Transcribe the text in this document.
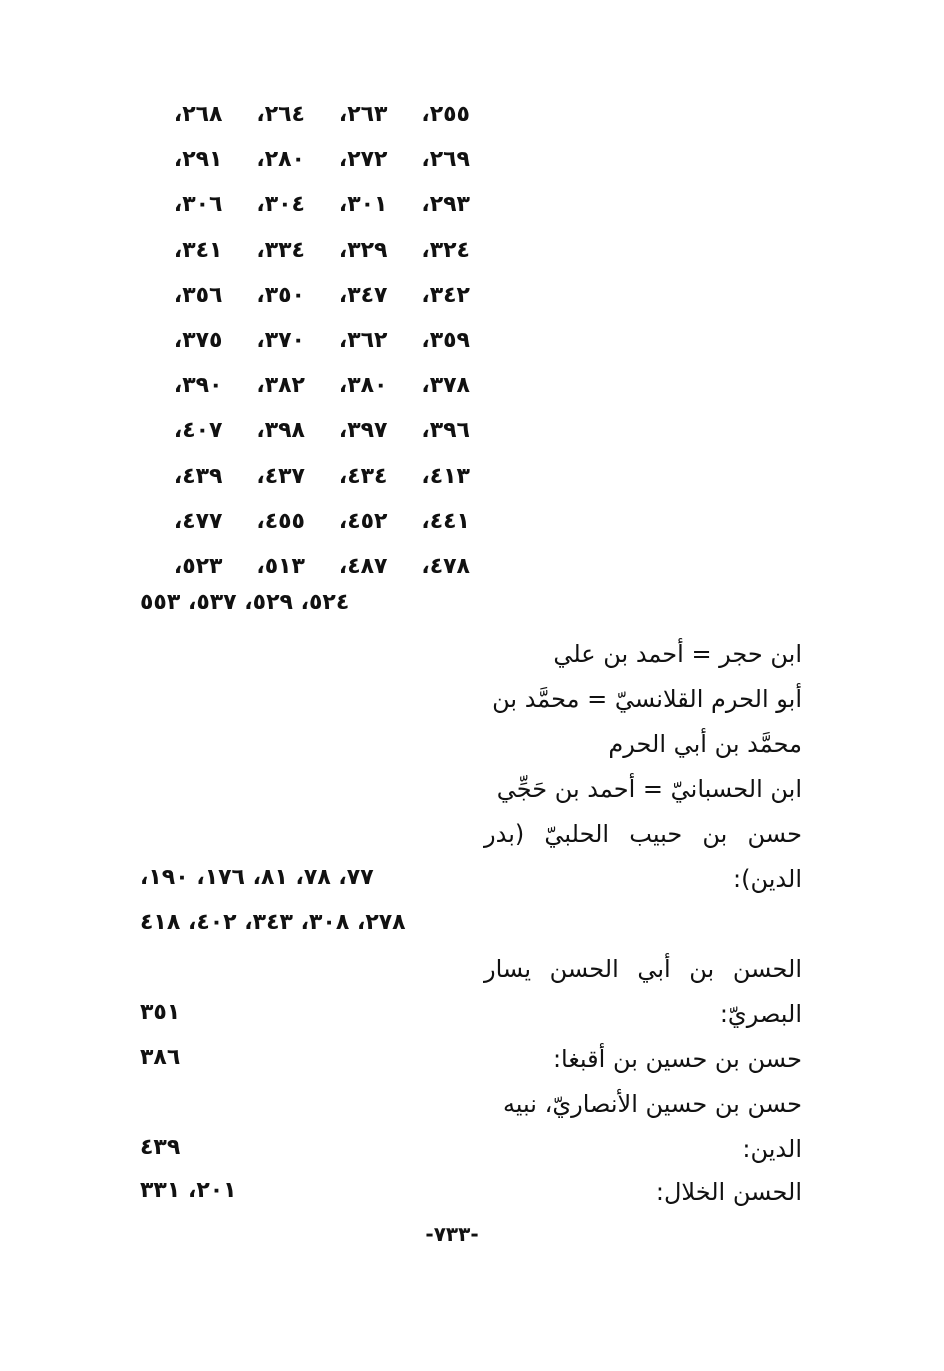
٢٥٥،
٢٦٣،
٢٦٤،
٢٦٨،
٢٦٩،
٢٧٢،
٢٨٠،
٢٩١،
٢٩٣،
٣٠١،
٣٠٤،
٣٠٦،
٣٢٤،
٣٢٩،
٣٣٤،
٣٤١،
٣٤٢،
٣٤٧،
٣٥٠،
٣٥٦،
٣٥٩،
٣٦٢،
٣٧٠،
٣٧٥،
٣٧٨،
٣٨٠،
٣٨٢،
٣٩٠،
٣٩٦،
٣٩٧،
٣٩٨،
٤٠٧،
٤١٣،
٤٣٤،
٤٣٧،
٤٣٩،
٤٤١،
٤٥٢،
٤٥٥،
٤٧٧،
٤٧٨،
٤٨٧،
٥١٣،
٥٢٣،
٥٢٤، ٥٢٩، ٥٣٧، ٥٥٣
ابن حجر = أحمد بن علي
أبو الحرم القلانسيّ = محمَّد بن
محمَّد بن أبي الحرم
ابن الحسبانيّ = أحمد بن حَجِّي
حسن بن حبيب الحلبيّ (بدر
الدين):
٧٧، ٧٨، ٨١، ١٧٦، ١٩٠،
٢٧٨، ٣٠٨، ٣٤٣، ٤٠٢، ٤١٨
الحسن بن أبي الحسن يسار
البصريّ:
٣٥١
حسن بن حسين بن أقبغا:
٣٨٦
حسن بن حسين الأنصاريّ، نبيه
الدين:
٤٣٩
الحسن الخلال:
٢٠١، ٣٣١
-٧٣٣-
